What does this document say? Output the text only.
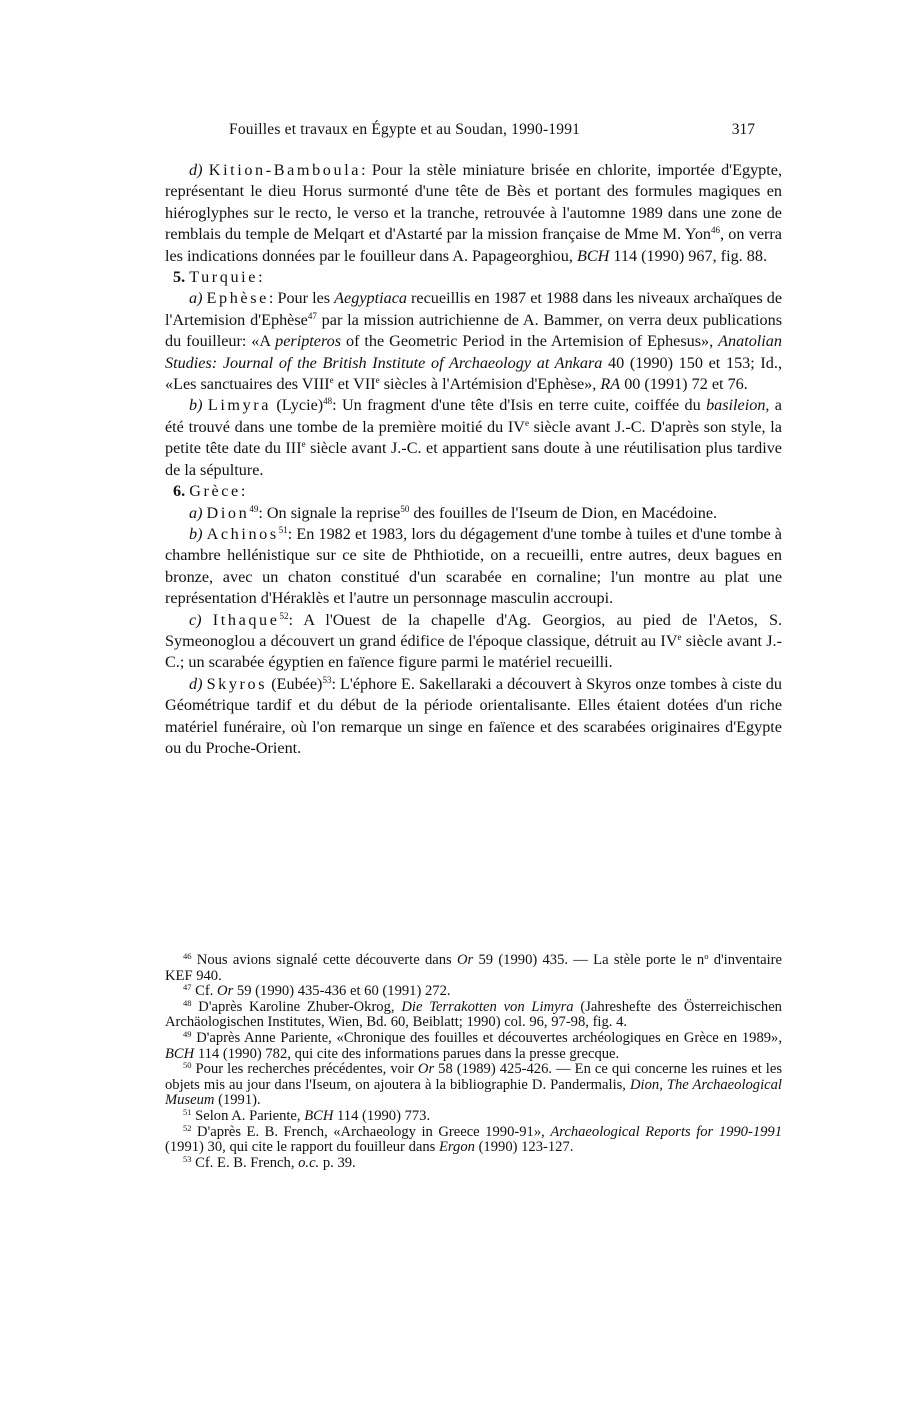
Fouilles et travaux en Égypte et au Soudan, 1990-1991	317

d) Kition-Bamboula: Pour la stèle miniature brisée en chlorite, importée d'Egypte, représentant le dieu Horus surmonté d'une tête de Bès et portant des formules magiques en hiéroglyphes sur le recto, le verso et la tranche, retrouvée à l'automne 1989 dans une zone de remblais du temple de Melqart et d'Astarté par la mission française de Mme M. Yon$^{46}$, on verra les indications données par le fouilleur dans A. Papageorghiou, BCH 114 (1990) 967, fig. 88.

5. Turquie:

a) Ephèse: Pour les Aegyptiaca recueillis en 1987 et 1988 dans les niveaux archaïques de l'Artemision d'Ephèse$^{47}$ par la mission autrichienne de A. Bammer, on verra deux publications du fouilleur: «A peripteros of the Geometric Period in the Artemision of Ephesus», Anatolian Studies: Journal of the British Institute of Archaeology at Ankara 40 (1990) 150 et 153; Id., «Les sanctuaires des VIIIe et VIIe siècles à l'Artémision d'Ephèse», RA 00 (1991) 72 et 76.

b) Limyra (Lycie)$^{48}$: Un fragment d'une tête d'Isis en terre cuite, coiffée du basileion, a été trouvé dans une tombe de la première moitié du IVe siècle avant J.-C. D'après son style, la petite tête date du IIIe siècle avant J.-C. et appartient sans doute à une réutilisation plus tardive de la sépulture.

6. Grèce:

a) Dion$^{49}$: On signale la reprise$^{50}$ des fouilles de l'Iseum de Dion, en Macédoine.

b) Achinos$^{51}$: En 1982 et 1983, lors du dégagement d'une tombe à tuiles et d'une tombe à chambre hellénistique sur ce site de Phthiotide, on a recueilli, entre autres, deux bagues en bronze, avec un chaton constitué d'un scarabée en cornaline; l'un montre au plat une représentation d'Héraklès et l'autre un personnage masculin accroupi.

c) Ithaque$^{52}$: A l'Ouest de la chapelle d'Ag. Georgios, au pied de l'Aetos, S. Symeonoglou a découvert un grand édifice de l'époque classique, détruit au IVe siècle avant J.-C.; un scarabée égyptien en faïence figure parmi le matériel recueilli.

d) Skyros (Eubée)$^{53}$: L'éphore E. Sakellaraki a découvert à Skyros onze tombes à ciste du Géométrique tardif et du début de la période orientalisante. Elles étaient dotées d'un riche matériel funéraire, où l'on remarque un singe en faïence et des scarabées originaires d'Egypte ou du Proche-Orient.

$^{46}$ Nous avions signalé cette découverte dans Or 59 (1990) 435. — La stèle porte le $n^o$ d'inventaire KEF 940.

$^{47}$ Cf. Or 59 (1990) 435-436 et 60 (1991) 272.

$^{48}$ D'après Karoline Zhuber-Okrog, Die Terrakotten von Limyra (Jahreshefte des Österreichischen Archäologischen Institutes, Wien, Bd. 60, Beiblatt; 1990) col. 96, 97-98, fig. 4.

$^{49}$ D'après Anne Pariente, «Chronique des fouilles et découvertes archéologiques en Grèce en 1989», BCH 114 (1990) 782, qui cite des informations parues dans la presse grecque.

$^{50}$ Pour les recherches précédentes, voir Or 58 (1989) 425-426. — En ce qui concerne les ruines et les objets mis au jour dans l'Iseum, on ajoutera à la bibliographie D. Pandermalis, Dion, The Archaeological Museum (1991).

$^{51}$ Selon A. Pariente, BCH 114 (1990) 773.

$^{52}$ D'après E. B. French, «Archaeology in Greece 1990-91», Archaeological Reports for 1990-1991 (1991) 30, qui cite le rapport du fouilleur dans Ergon (1990) 123-127.

$^{53}$ Cf. E. B. French, o.c. p. 39.
